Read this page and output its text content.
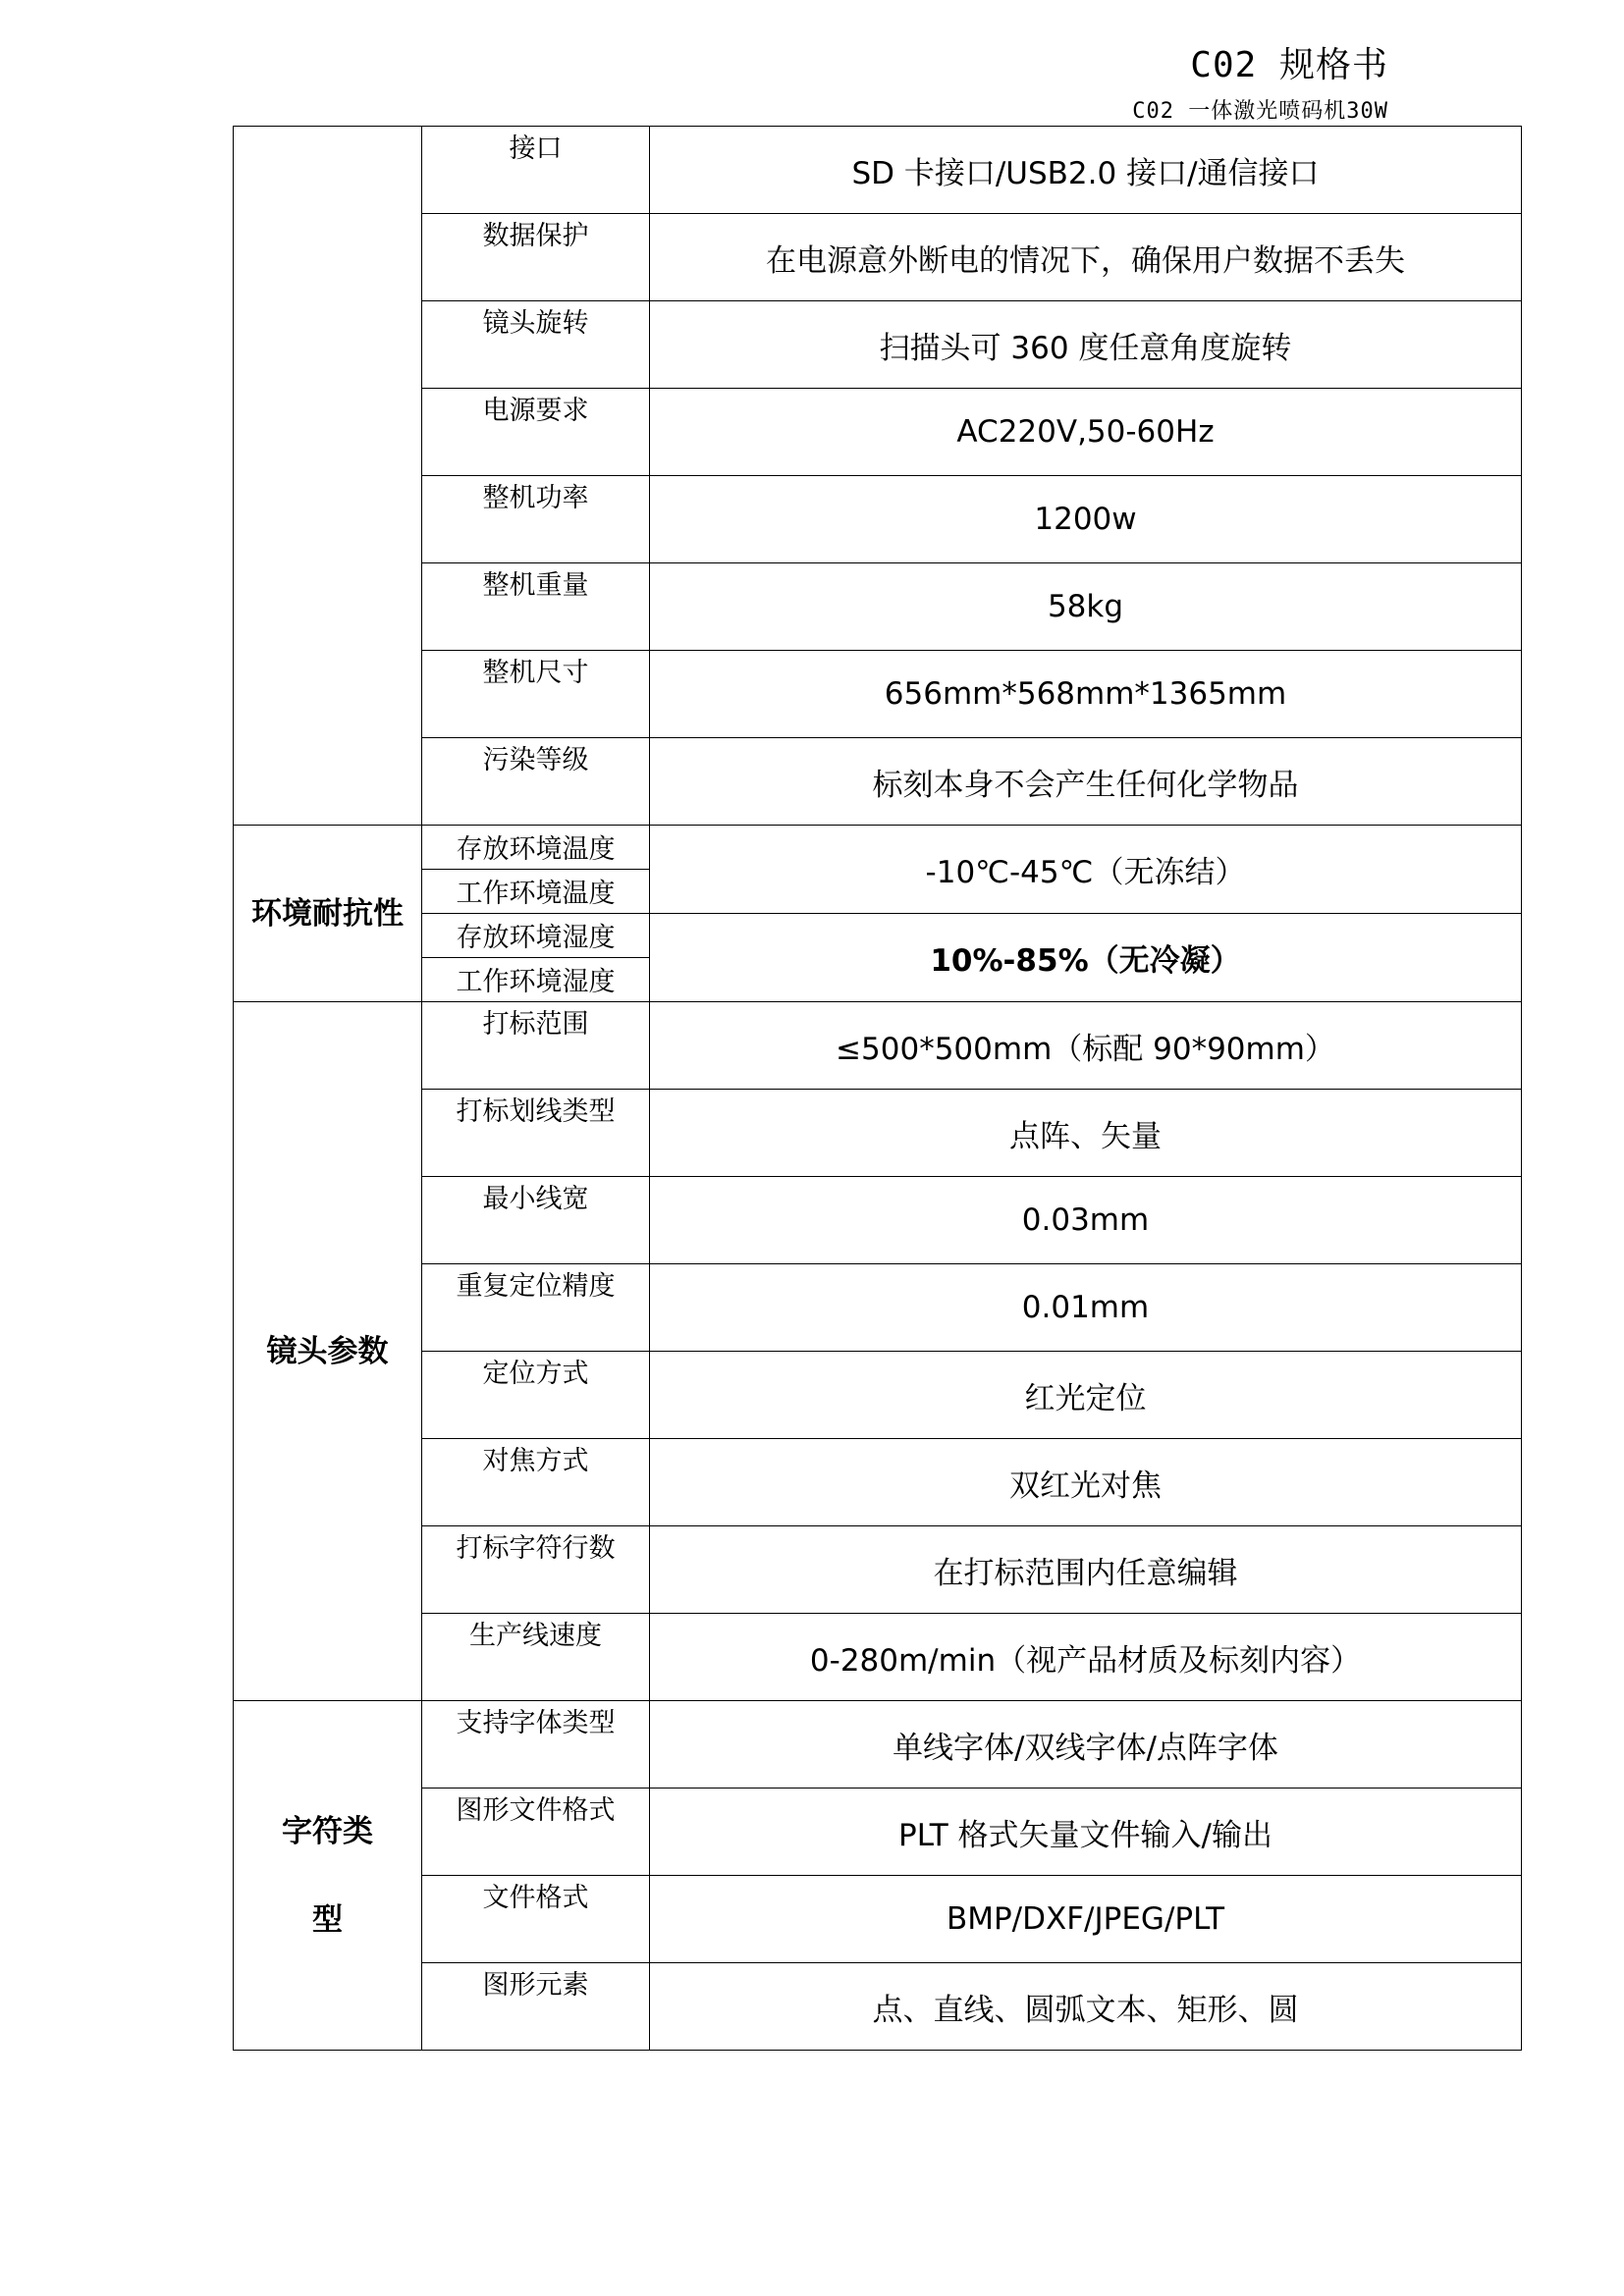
C02 规格书
C02 一体激光喷码机30W
	接口	SD 卡接口/USB2.0 接口/通信接口
	数据保护	在电源意外断电的情况下，确保用户数据不丢失
	镜头旋转	扫描头可 360 度任意角度旋转
	电源要求	AC220V,50-60Hz
	整机功率	1200w
	整机重量	58kg
	整机尺寸	656mm*568mm*1365mm
	污染等级	标刻本身不会产生任何化学物品
环境耐抗性	存放环境温度	-10℃-45℃（无冻结）
	工作环境温度	
	存放环境湿度	10%-85%（无冷凝）
	工作环境湿度	
镜头参数	打标范围	≤500*500mm（标配 90*90mm）
	打标划线类型	点阵、矢量
	最小线宽	0.03mm
	重复定位精度	0.01mm
	定位方式	红光定位
	对焦方式	双红光对焦
	打标字符行数	在打标范围内任意编辑
	生产线速度	0-280m/min（视产品材质及标刻内容）
字符类型	支持字体类型	单线字体/双线字体/点阵字体
	图形文件格式	PLT 格式矢量文件输入/输出
	文件格式	BMP/DXF/JPEG/PLT
	图形元素	点、直线、圆弧文本、矩形、圆
